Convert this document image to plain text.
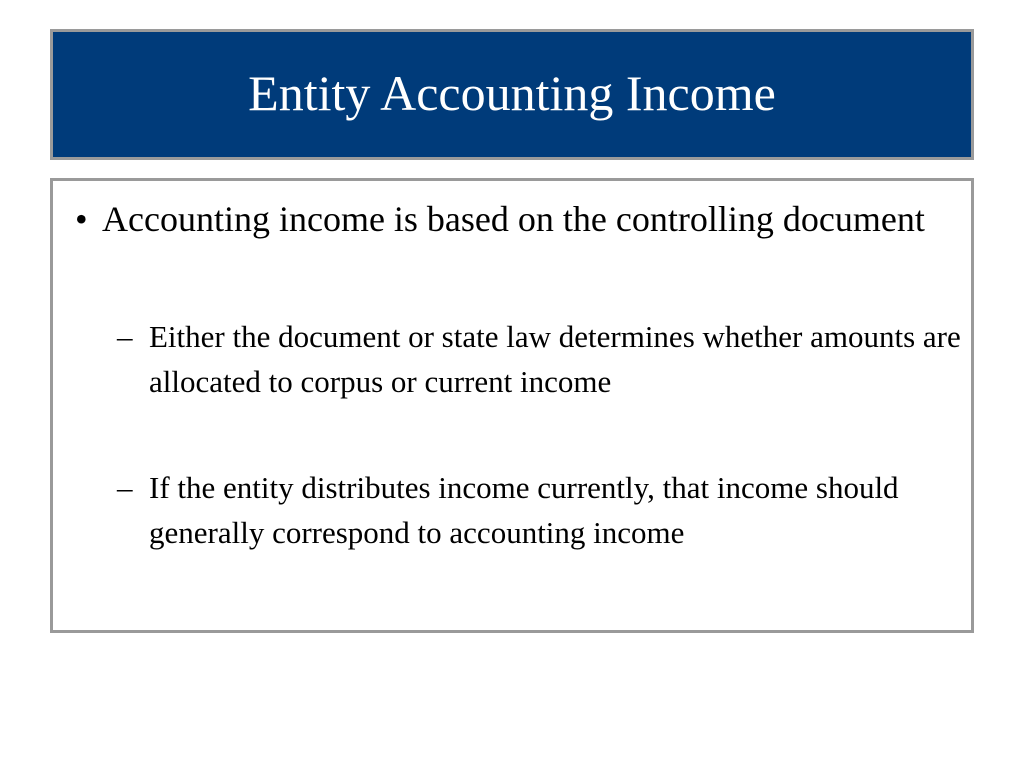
Entity Accounting Income
• Accounting income is based on the controlling document
– Either the document or state law determines whether amounts are allocated to corpus or current income
– If the entity distributes income currently, that income should generally correspond to accounting income
